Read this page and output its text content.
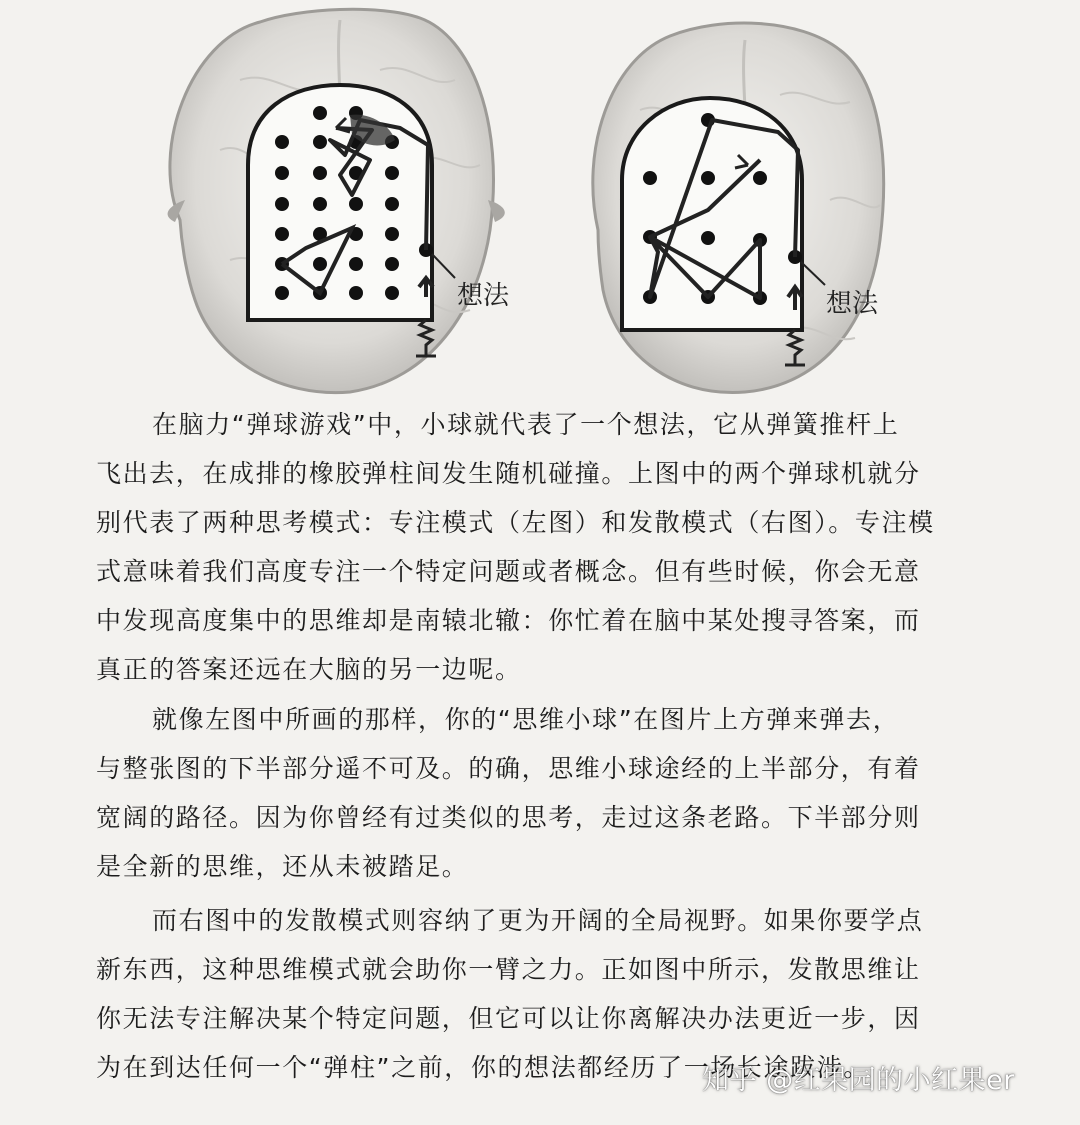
想法	想法
在脑力“弹球游戏”中，小球就代表了一个想法，它从弹簧推杆上
飞出去，在成排的橡胶弹柱间发生随机碰撞。上图中的两个弹球机就分
别代表了两种思考模式：专注模式（左图）和发散模式（右图）。专注模
式意味着我们高度专注一个特定问题或者概念。但有些时候，你会无意
中发现高度集中的思维却是南辕北辙：你忙着在脑中某处搜寻答案，而
真正的答案还远在大脑的另一边呢。
就像左图中所画的那样，你的“思维小球”在图片上方弹来弹去，
与整张图的下半部分遥不可及。的确，思维小球途经的上半部分，有着
宽阔的路径。因为你曾经有过类似的思考，走过这条老路。下半部分则
是全新的思维，还从未被踏足。
而右图中的发散模式则容纳了更为开阔的全局视野。如果你要学点
新东西，这种思维模式就会助你一臂之力。正如图中所示，发散思维让
你无法专注解决某个特定问题，但它可以让你离解决办法更近一步，因
为在到达任何一个“弹柱”之前，你的想法都经历了一场长途跋涉。
知乎 @红果园的小红果er
